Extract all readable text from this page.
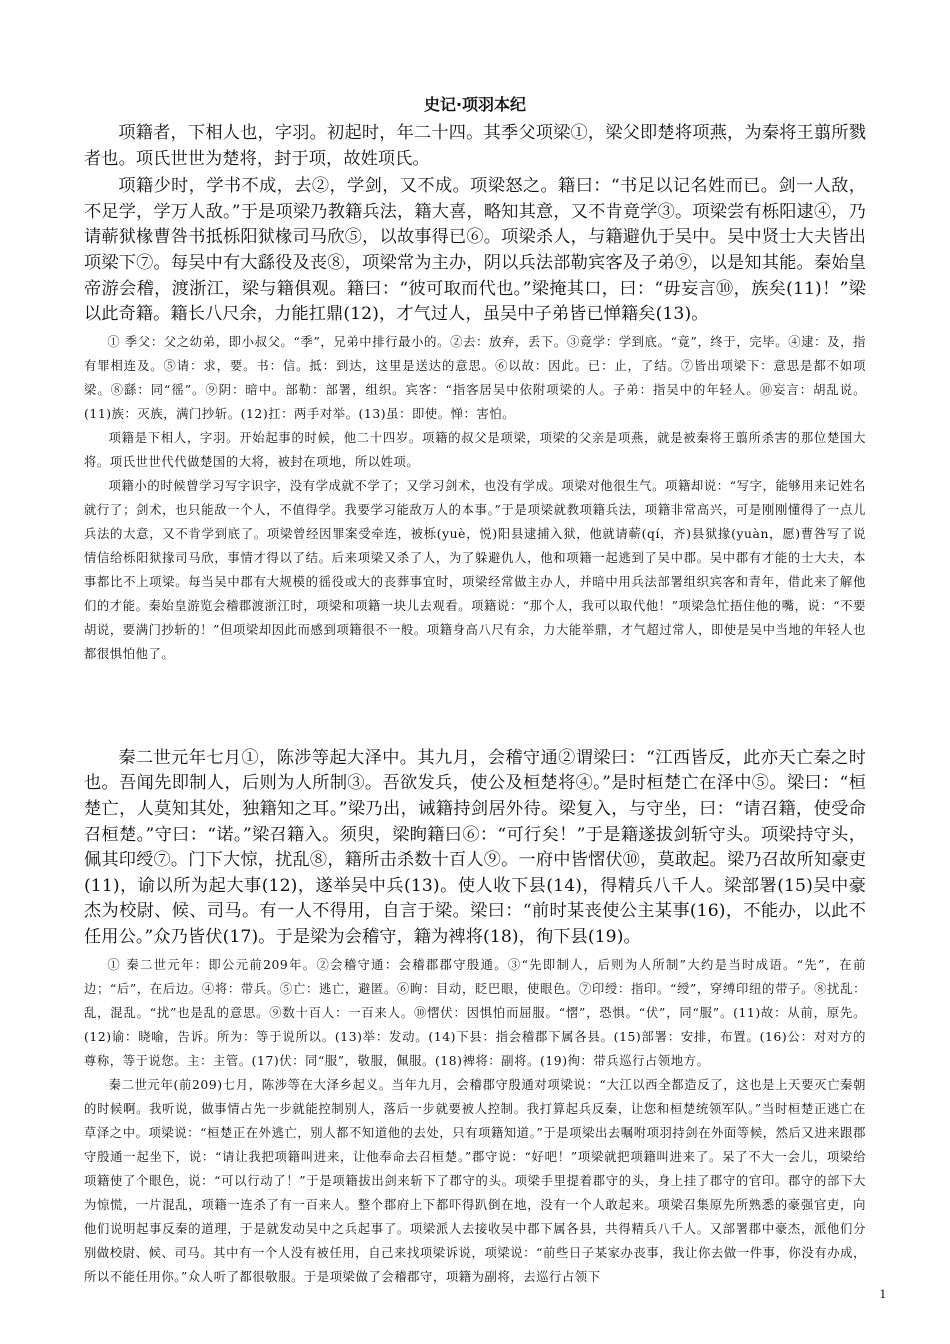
史记·项羽本纪

项籍者，下相人也，字羽。初起时，年二十四。其季父项梁①，梁父即楚将项燕，为秦将王翦所戮者也。项氏世世为楚将，封于项，故姓项氏。

项籍少时，学书不成，去②，学剑，又不成。项梁怒之。籍曰：“书足以记名姓而已。剑一人敌，不足学，学万人敌。”于是项梁乃教籍兵法，籍大喜，略知其意，又不肯竟学③。项梁尝有栎阳逮④，乃请蕲狱椽曹咎书抵栎阳狱椽司马欣⑤，以故事得已⑥。项梁杀人，与籍避仇于吴中。吴中贤士大夫皆出项梁下⑦。每吴中有大繇役及丧⑧，项梁常为主办，阴以兵法部勒宾客及子弟⑨，以是知其能。秦始皇帝游会稽，渡浙江，梁与籍俱观。籍曰：“彼可取而代也。”梁掩其口，曰：“毋妄言⑩，族矣(11)！”梁以此奇籍。籍长八尺余，力能扛鼎(12)，才气过人，虽吴中子弟皆已惮籍矣(13)。

① 季父：父之幼弟，即小叔父。“季”，兄弟中排行最小的。②去：放弃，丢下。③竟学：学到底。“竟”，终于，完毕。④逮：及，指有罪相连及。⑤请：求，要。书：信。抵：到达，这里是送达的意思。⑥以故：因此。已：止，了结。⑦皆出项梁下：意思是都不如项梁。⑧繇：同“徭”。⑨阴：暗中。部勒：部署，组织。宾客：“指客居吴中依附项梁的人。子弟：指吴中的年轻人。⑩妄言：胡乱说。(11)族：灭族，满门抄斩。(12)扛：两手对举。(13)虽：即使。惮：害怕。

项籍是下相人，字羽。开始起事的时候，他二十四岁。项籍的叔父是项梁，项梁的父亲是项燕，就是被秦将王翦所杀害的那位楚国大将。项氏世世代代做楚国的大将，被封在项地，所以姓项。

项籍小的时候曾学习写字识字，没有学成就不学了；又学习剑术，也没有学成。项梁对他很生气。项籍却说：“写字，能够用来记姓名就行了；剑术，也只能敌一个人，不值得学。我要学习能敌万人的本事。”于是项梁就教项籍兵法，项籍非常高兴，可是刚刚懂得了一点儿兵法的大意，又不肯学到底了。项梁曾经因罪案受牵连，被栎(yuè，悦)阳县逮捕入狱，他就请蕲(qí，齐)县狱掾(yuàn，愿)曹咎写了说情信给栎阳狱掾司马欣，事情才得以了结。后来项梁又杀了人，为了躲避仇人，他和项籍一起逃到了吴中郡。吴中郡有才能的士大夫，本事都比不上项梁。每当吴中郡有大规模的徭役或大的丧葬事宜时，项梁经常做主办人，并暗中用兵法部署组织宾客和青年，借此来了解他们的才能。秦始皇游览会稽郡渡浙江时，项梁和项籍一块儿去观看。项籍说：“那个人，我可以取代他！”项梁急忙捂住他的嘴，说：“不要胡说，要满门抄斩的！”但项梁却因此而感到项籍很不一般。项籍身高八尺有余，力大能举鼎，才气超过常人，即使是吴中当地的年轻人也都很惧怕他了。

秦二世元年七月①，陈涉等起大泽中。其九月，会稽守通②谓梁曰：“江西皆反，此亦天亡秦之时也。吾闻先即制人，后则为人所制③。吾欲发兵，使公及桓楚将④。”是时桓楚亡在泽中⑤。梁曰：“桓楚亡，人莫知其处，独籍知之耳。”梁乃出，诫籍持剑居外待。梁复入，与守坐，曰：“请召籍，使受命召桓楚。”守曰：“诺。”梁召籍入。须臾，梁眴籍曰⑥：“可行矣！”于是籍遂拔剑斩守头。项梁持守头，佩其印绶⑦。门下大惊，扰乱⑧，籍所击杀数十百人⑨。一府中皆慴伏⑩，莫敢起。梁乃召故所知豪吏(11)，谕以所为起大事(12)，遂举吴中兵(13)。使人收下县(14)，得精兵八千人。梁部署(15)吴中豪杰为校尉、候、司马。有一人不得用，自言于梁。梁曰：“前时某丧使公主某事(16)，不能办，以此不任用公。”众乃皆伏(17)。于是梁为会稽守，籍为裨将(18)，徇下县(19)。

① 秦二世元年：即公元前209年。②会稽守通：会稽郡郡守殷通。③“先即制人，后则为人所制”大约是当时成语。“先”，在前边；“后”，在后边。④将：带兵。⑤亡：逃亡，避匿。⑥眴：目动，眨巴眼，使眼色。⑦印绶：指印。“绶”，穿缚印纽的带子。⑧扰乱：乱，混乱。“扰”也是乱的意思。⑨数十百人：一百来人。⑩慴伏：因惧怕而屈服。“慴”，恐惧。“伏”，同“服”。(11)故：从前，原先。(12)谕：晓喻，告诉。所为：等于说所以。(13)举：发动。(14)下县：指会稽郡下属各县。(15)部署：安排，布置。(16)公：对对方的尊称，等于说您。主：主管。(17)伏：同“服”，敬服，佩服。(18)裨将：副将。(19)徇：带兵巡行占领地方。

秦二世元年(前209)七月，陈涉等在大泽乡起义。当年九月，会稽郡守殷通对项梁说：“大江以西全都造反了，这也是上天要灭亡秦朝的时候啊。我听说，做事情占先一步就能控制别人，落后一步就要被人控制。我打算起兵反秦，让您和桓楚统领军队。”当时桓楚正逃亡在草泽之中。项梁说：“桓楚正在外逃亡，别人都不知道他的去处，只有项籍知道。”于是项梁出去嘱咐项羽持剑在外面等候，然后又进来跟郡守殷通一起坐下，说：“请让我把项籍叫进来，让他奉命去召桓楚。”郡守说：“好吧！”项梁就把项籍叫进来了。呆了不大一会儿，项梁给项籍使了个眼色，说：“可以行动了！”于是项籍拔出剑来斩下了郡守的头。项梁手里提着郡守的头，身上挂了郡守的官印。郡守的部下大为惊慌，一片混乱，项籍一连杀了有一百来人。整个郡府上下都吓得趴倒在地，没有一个人敢起来。项梁召集原先所熟悉的豪强官吏，向他们说明起事反秦的道理，于是就发动吴中之兵起事了。项梁派人去接收吴中郡下属各县，共得精兵八千人。又部署郡中豪杰，派他们分别做校尉、候、司马。其中有一个人没有被任用，自己来找项梁诉说，项梁说：“前些日子某家办丧事，我让你去做一件事，你没有办成，所以不能任用你。”众人听了都很敬服。于是项梁做了会稽郡守，项籍为副将，去巡行占领下

1
